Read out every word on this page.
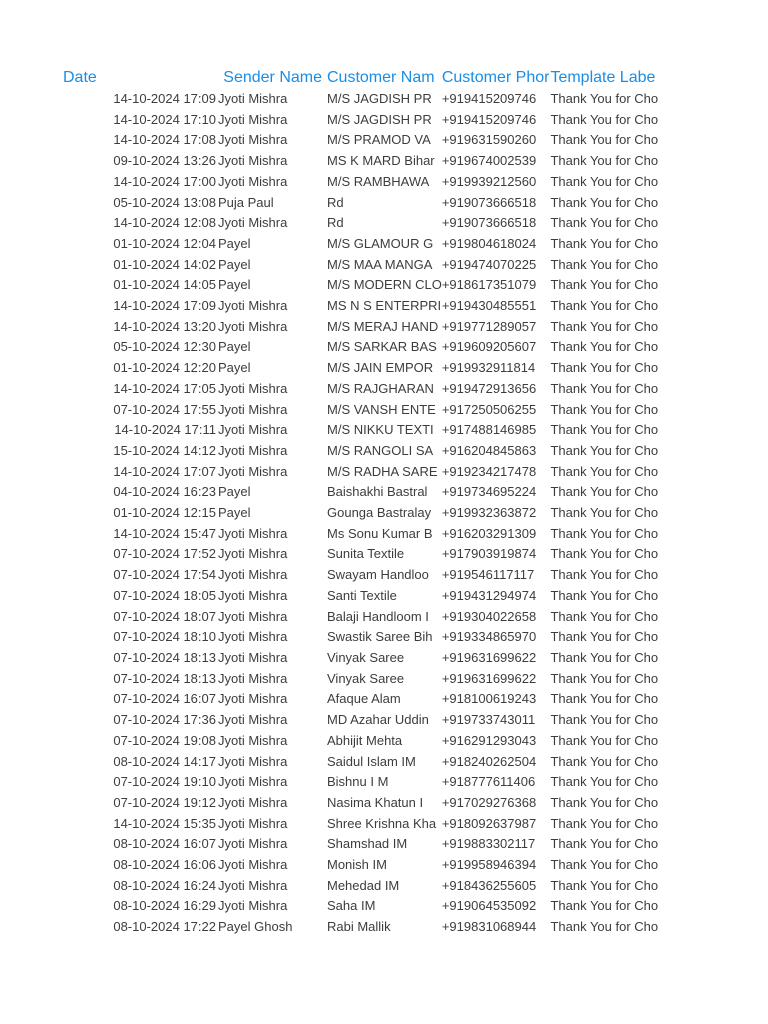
Date	Sender Name	Customer Nam	Customer Phor	Template Labe
14-10-2024 17:09	Jyoti Mishra	M/S JAGDISH PR	+919415209746	Thank You for Cho
14-10-2024 17:10	Jyoti Mishra	M/S JAGDISH PR	+919415209746	Thank You for Cho
14-10-2024 17:08	Jyoti Mishra	M/S PRAMOD VA	+919631590260	Thank You for Cho
09-10-2024 13:26	Jyoti Mishra	MS K MARD Bihar	+919674002539	Thank You for Cho
14-10-2024 17:00	Jyoti Mishra	M/S RAMBHAWA	+919939212560	Thank You for Cho
05-10-2024 13:08	Puja Paul	Rd	+919073666518	Thank You for Cho
14-10-2024 12:08	Jyoti Mishra	Rd	+919073666518	Thank You for Cho
01-10-2024 12:04	Payel	M/S GLAMOUR G	+919804618024	Thank You for Cho
01-10-2024 14:02	Payel	M/S MAA MANGA	+919474070225	Thank You for Cho
01-10-2024 14:05	Payel	M/S MODERN CLO	+918617351079	Thank You for Cho
14-10-2024 17:09	Jyoti Mishra	MS N S ENTERPRI	+919430485551	Thank You for Cho
14-10-2024 13:20	Jyoti Mishra	M/S MERAJ HAND	+919771289057	Thank You for Cho
05-10-2024 12:30	Payel	M/S SARKAR BAS	+919609205607	Thank You for Cho
01-10-2024 12:20	Payel	M/S JAIN EMPOR	+919932911814	Thank You for Cho
14-10-2024 17:05	Jyoti Mishra	M/S RAJGHARAN	+919472913656	Thank You for Cho
07-10-2024 17:55	Jyoti Mishra	M/S VANSH ENTE	+917250506255	Thank You for Cho
14-10-2024 17:11	Jyoti Mishra	M/S NIKKU TEXTI	+917488146985	Thank You for Cho
15-10-2024 14:12	Jyoti Mishra	M/S RANGOLI SA	+916204845863	Thank You for Cho
14-10-2024 17:07	Jyoti Mishra	M/S RADHA SARE	+919234217478	Thank You for Cho
04-10-2024 16:23	Payel	Baishakhi Bastral	+919734695224	Thank You for Cho
01-10-2024 12:15	Payel	Gounga Bastralay	+919932363872	Thank You for Cho
14-10-2024 15:47	Jyoti Mishra	Ms Sonu Kumar B	+916203291309	Thank You for Cho
07-10-2024 17:52	Jyoti Mishra	Sunita Textile	+917903919874	Thank You for Cho
07-10-2024 17:54	Jyoti Mishra	Swayam Handloo	+919546117117	Thank You for Cho
07-10-2024 18:05	Jyoti Mishra	Santi Textile	+919431294974	Thank You for Cho
07-10-2024 18:07	Jyoti Mishra	Balaji Handloom I	+919304022658	Thank You for Cho
07-10-2024 18:10	Jyoti Mishra	Swastik Saree Bih	+919334865970	Thank You for Cho
07-10-2024 18:13	Jyoti Mishra	Vinyak Saree	+919631699622	Thank You for Cho
07-10-2024 18:13	Jyoti Mishra	Vinyak Saree	+919631699622	Thank You for Cho
07-10-2024 16:07	Jyoti Mishra	Afaque Alam	+918100619243	Thank You for Cho
07-10-2024 17:36	Jyoti Mishra	MD Azahar Uddin	+919733743011	Thank You for Cho
07-10-2024 19:08	Jyoti Mishra	Abhijit Mehta	+916291293043	Thank You for Cho
08-10-2024 14:17	Jyoti Mishra	Saidul Islam IM	+918240262504	Thank You for Cho
07-10-2024 19:10	Jyoti Mishra	Bishnu I M	+918777611406	Thank You for Cho
07-10-2024 19:12	Jyoti Mishra	Nasima Khatun I	+917029276368	Thank You for Cho
14-10-2024 15:35	Jyoti Mishra	Shree Krishna Kha	+918092637987	Thank You for Cho
08-10-2024 16:07	Jyoti Mishra	Shamshad IM	+919883302117	Thank You for Cho
08-10-2024 16:06	Jyoti Mishra	Monish IM	+919958946394	Thank You for Cho
08-10-2024 16:24	Jyoti Mishra	Mehedad IM	+918436255605	Thank You for Cho
08-10-2024 16:29	Jyoti Mishra	Saha IM	+919064535092	Thank You for Cho
08-10-2024 17:22	Payel Ghosh	Rabi Mallik	+919831068944	Thank You for Cho
